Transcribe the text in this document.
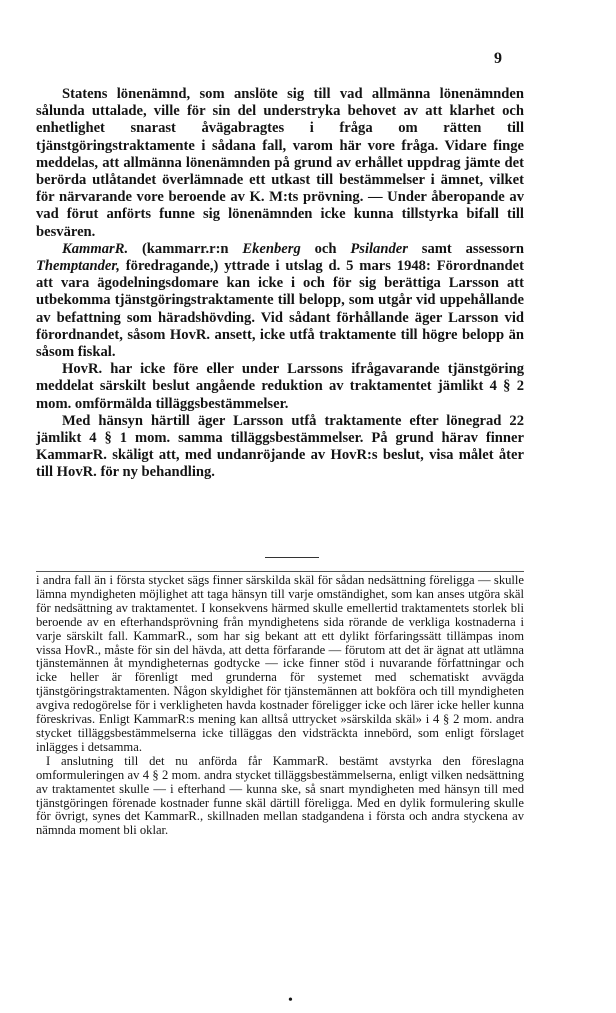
9

Statens lönenämnd, som anslöte sig till vad allmänna lönenämnden sålunda uttalade, ville för sin del understryka behovet av att klarhet och enhetlighet snarast åvägabragtes i fråga om rätten till tjänstgöringstraktamente i sådana fall, varom här vore fråga. Vidare finge meddelas, att allmänna lönenämnden på grund av erhållet uppdrag jämte det berörda utlåtandet överlämnade ett utkast till bestämmelser i ämnet, vilket för närvarande vore beroende av K. M:ts prövning. — Under åberopande av vad förut anförts funne sig lönenämnden icke kunna tillstyrka bifall till besvären.

KammarR. (kammarr.r:n Ekenberg och Psilander samt assessorn Themptander, föredragande,) yttrade i utslag d. 5 mars 1948: Förordnandet att vara ägodelningsdomare kan icke i och för sig berättiga Larsson att utbekomma tjänstgöringstraktamente till belopp, som utgår vid uppehållande av befattning som häradshövding. Vid sådant förhållande äger Larsson vid förordnandet, såsom HovR. ansett, icke utfå traktamente till högre belopp än såsom fiskal.

HovR. har icke före eller under Larssons ifrågavarande tjänstgöring meddelat särskilt beslut angående reduktion av traktamentet jämlikt 4 § 2 mom. omförmälda tilläggsbestämmelser.

Med hänsyn härtill äger Larsson utfå traktamente efter lönegrad 22 jämlikt 4 § 1 mom. samma tilläggsbestämmelser. På grund härav finner KammarR. skäligt att, med undanröjande av HovR:s beslut, visa målet åter till HovR. för ny behandling.

i andra fall än i första stycket sägs finner särskilda skäl för sådan nedsättning föreligga — skulle lämna myndigheten möjlighet att taga hänsyn till varje omständighet, som kan anses utgöra skäl för nedsättning av traktamentet. I konsekvens härmed skulle emellertid traktamentets storlek bli beroende av en efterhandsprövning från myndighetens sida rörande de verkliga kostnaderna i varje särskilt fall. KammarR., som har sig bekant att ett dylikt förfaringssätt tillämpas inom vissa HovR., måste för sin del hävda, att detta förfarande — förutom att det är ägnat att utlämna tjänstemännen åt myndigheternas godtycke — icke finner stöd i nuvarande författningar och icke heller är förenligt med grunderna för systemet med schematiskt avvägda tjänstgöringstraktamenten. Någon skyldighet för tjänstemännen att bokföra och till myndigheten avgiva redogörelse för i verkligheten havda kostnader föreligger icke och lärer icke heller kunna föreskrivas. Enligt KammarR:s mening kan alltså uttrycket »särskilda skäl» i 4 § 2 mom. andra stycket tilläggsbestämmelserna icke tilläggas den vidsträckta innebörd, som enligt förslaget inlägges i detsamma.

I anslutning till det nu anförda får KammarR. bestämt avstyrka den föreslagna omformuleringen av 4 § 2 mom. andra stycket tilläggsbestämmelserna, enligt vilken nedsättning av traktamentet skulle — i efterhand — kunna ske, så snart myndigheten med hänsyn till med tjänstgöringen förenade kostnader funne skäl därtill föreligga. Med en dylik formulering skulle för övrigt, synes det KammarR., skillnaden mellan stadgandena i första och andra styckena av nämnda moment bli oklar.

•
